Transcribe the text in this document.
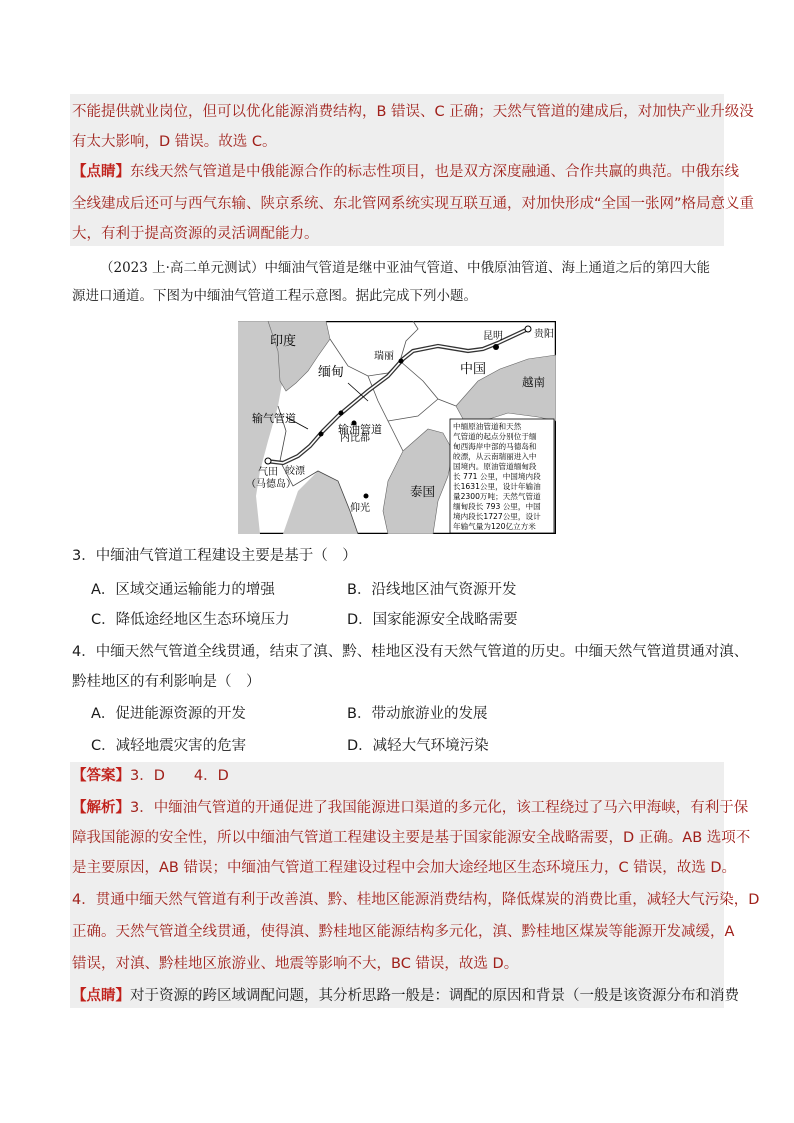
不能提供就业岗位，但可以优化能源消费结构，B 错误、C 正确；天然气管道的建成后，对加快产业升级没
有太大影响，D 错误。故选 C。
【点睛】东线天然气管道是中俄能源合作的标志性项目，也是双方深度融通、合作共赢的典范。中俄东线
全线建成后还可与西气东输、陕京系统、东北管网系统实现互联互通，对加快形成“全国一张网”格局意义重
大，有利于提高资源的灵活调配能力。
（2023 上·高二单元测试）中缅油气管道是继中亚油气管道、中俄原油管道、海上通道之后的第四大能
源进口通道。下图为中缅油气管道工程示意图。据此完成下列小题。
印度
缅甸	中国
越南
泰国
贵阳
昆明
瑞丽
输气管道
输油管道
皎漂
气田
（马德岛）
内比都
仰光
中缅原油管道和天然
气管道的起点分别位于缅
甸西海岸中部的马德岛和
皎漂，从云南瑞丽进入中
国境内。原油管道缅甸段
长 771 公里，中国境内段
长1631公里，设计年输油
量2300万吨；天然气管道
缅甸段长 793 公里，中国
境内段长1727公里，设计
年输气量为120亿立方米
3．中缅油气管道工程建设主要是基于（　）
A．区域交通运输能力的增强	B．沿线地区油气资源开发
C．降低途经地区生态环境压力	D．国家能源安全战略需要
4．中缅天然气管道全线贯通，结束了滇、黔、桂地区没有天然气管道的历史。中缅天然气管道贯通对滇、
黔桂地区的有利影响是（　）
A．促进能源资源的开发	B．带动旅游业的发展
C．减轻地震灾害的危害	D．减轻大气环境污染
【答案】3．D　　4．D
【解析】3．中缅油气管道的开通促进了我国能源进口渠道的多元化，该工程绕过了马六甲海峡，有利于保
障我国能源的安全性，所以中缅油气管道工程建设主要是基于国家能源安全战略需要，D 正确。AB 选项不
是主要原因，AB 错误；中缅油气管道工程建设过程中会加大途经地区生态环境压力，C 错误，故选 D。
4．贯通中缅天然气管道有利于改善滇、黔、桂地区能源消费结构，降低煤炭的消费比重，减轻大气污染，D
正确。天然气管道全线贯通，使得滇、黔桂地区能源结构多元化，滇、黔桂地区煤炭等能源开发减缓，A
错误，对滇、黔桂地区旅游业、地震等影响不大，BC 错误，故选 D。
【点睛】对于资源的跨区域调配问题，其分析思路一般是：调配的原因和背景（一般是该资源分布和消费
